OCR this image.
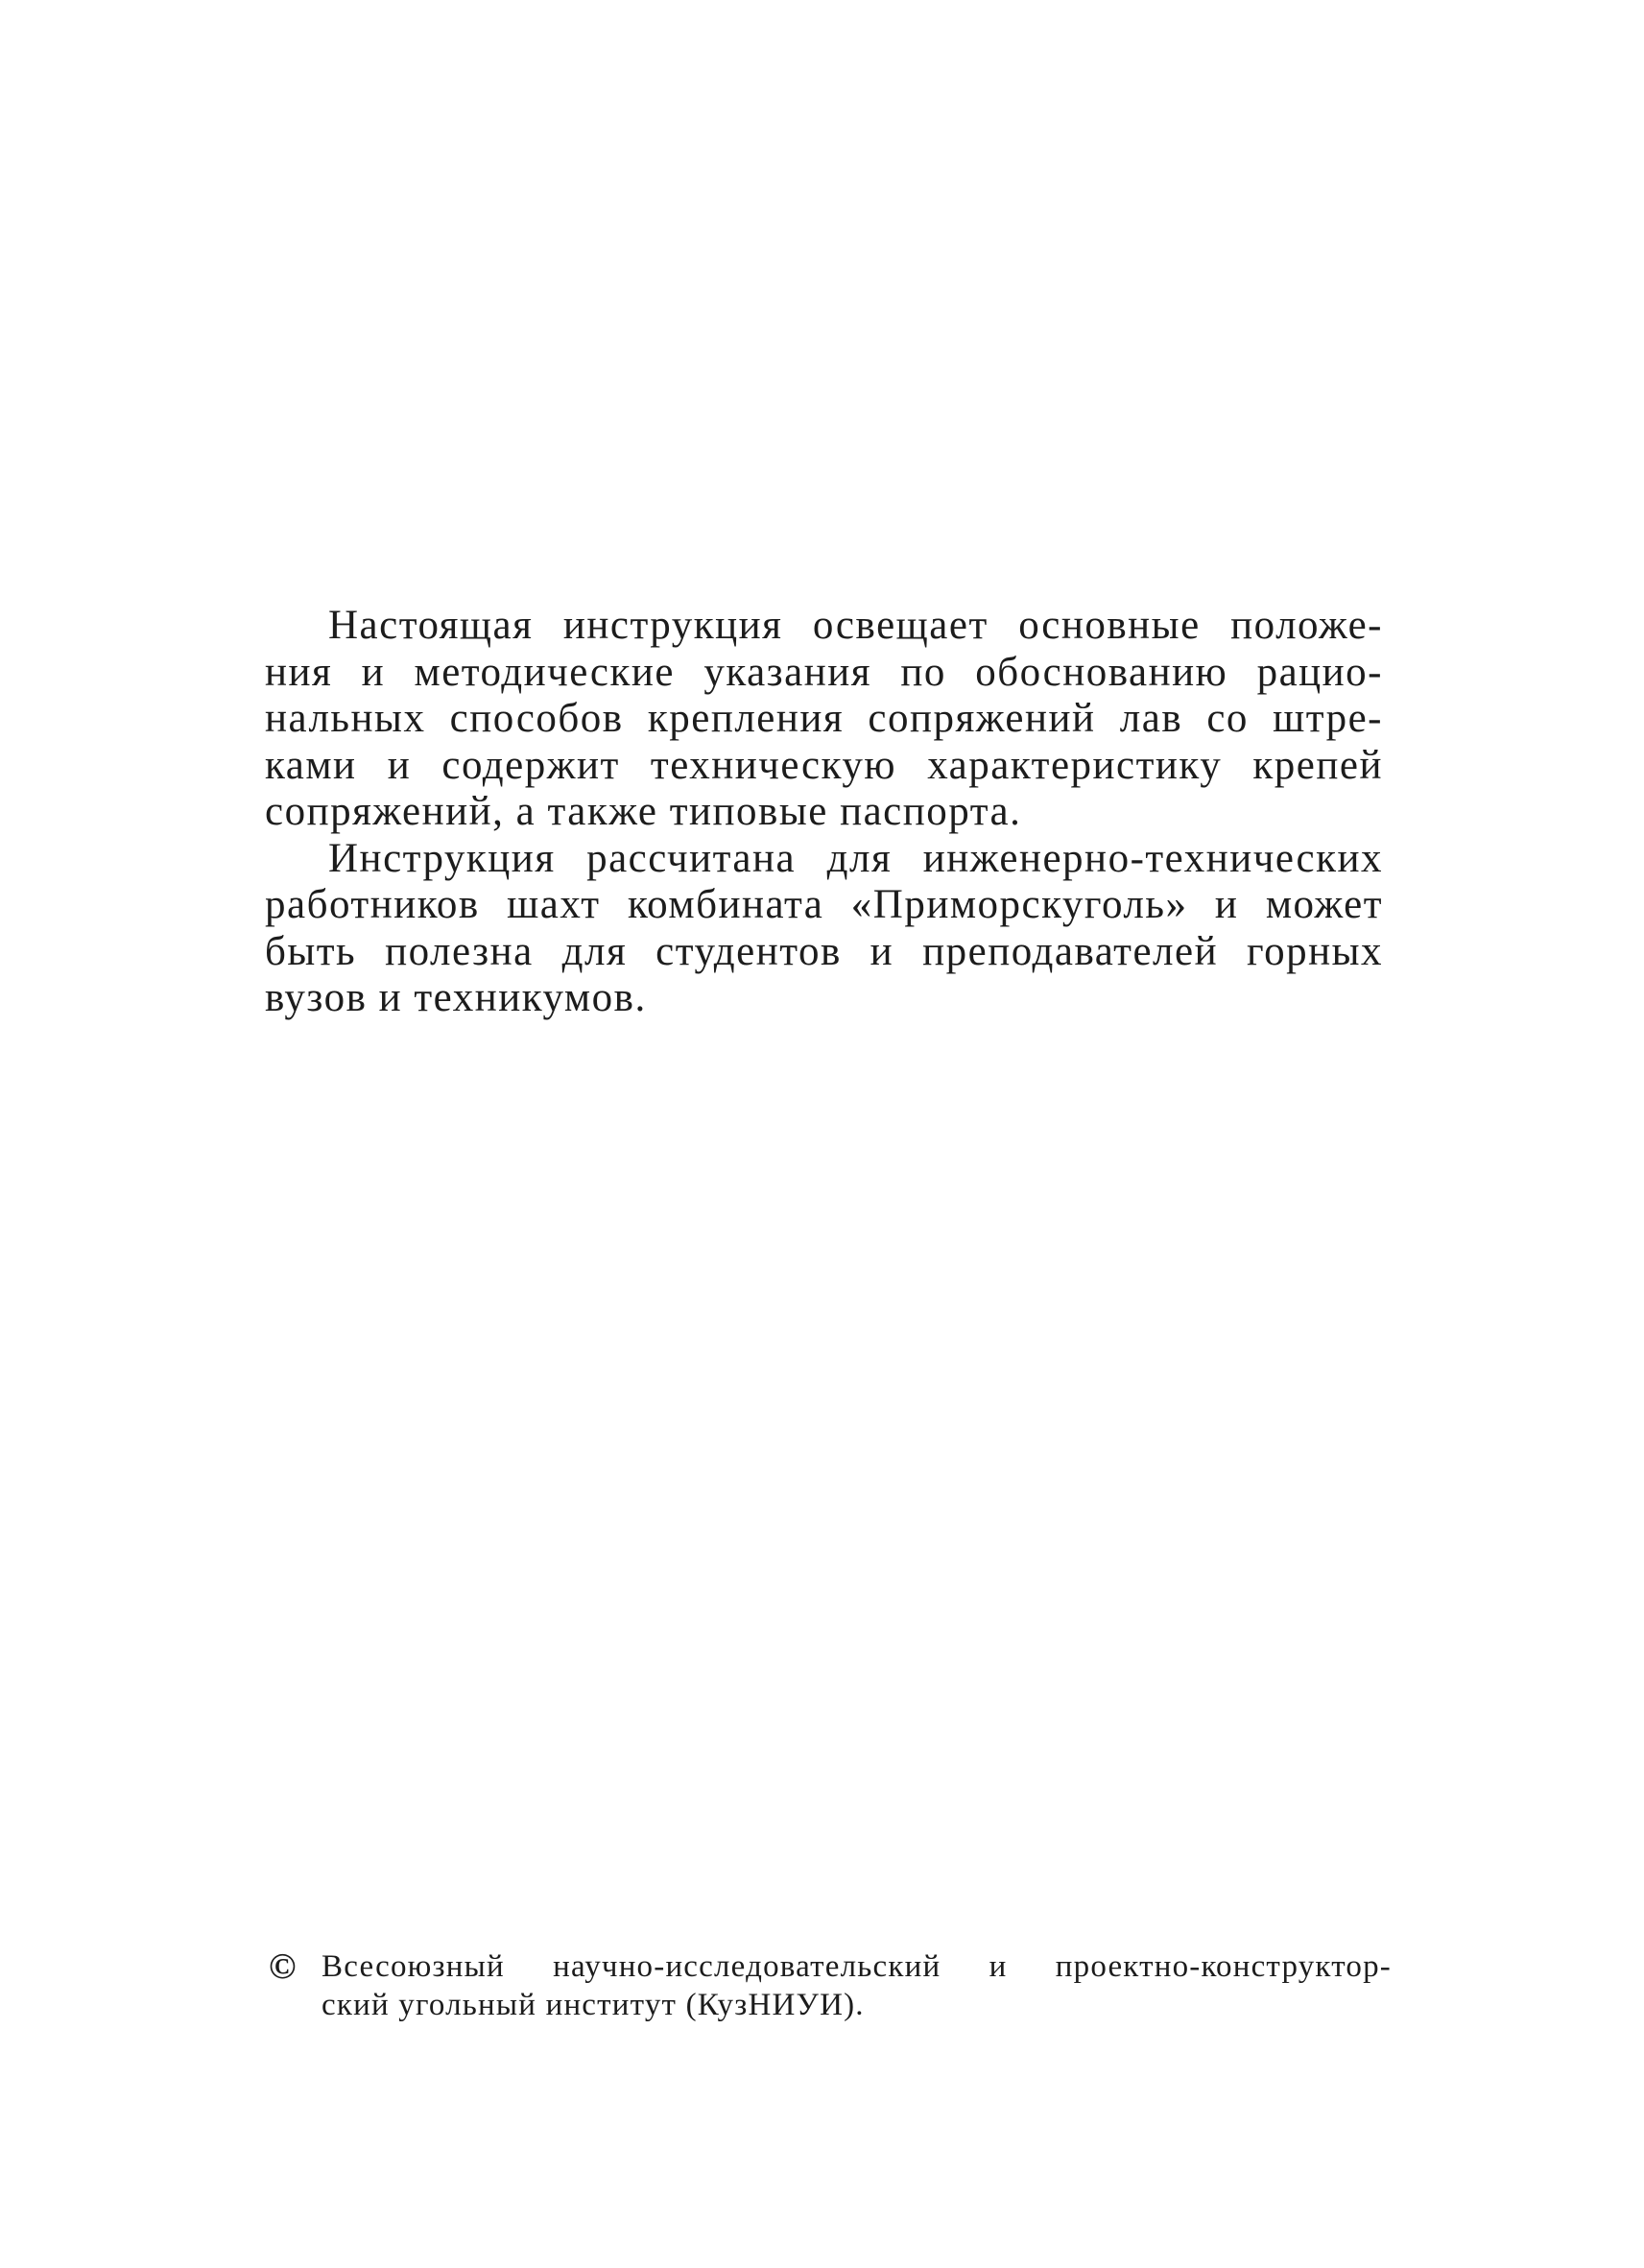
Настоящая инструкция освещает основные положе-
ния и методические указания по обоснованию рацио-
нальных способов крепления сопряжений лав со штре-
ками и содержит техническую характеристику крепей
сопряжений, а также типовые паспорта.
Инструкция рассчитана для инженерно-технических
работников шахт комбината «Приморскуголь» и может
быть полезна для студентов и преподавателей горных
вузов и техникумов.
© Всесоюзный научно-исследовательский и проектно-конструктор-
ский угольный институт (КузНИУИ).
